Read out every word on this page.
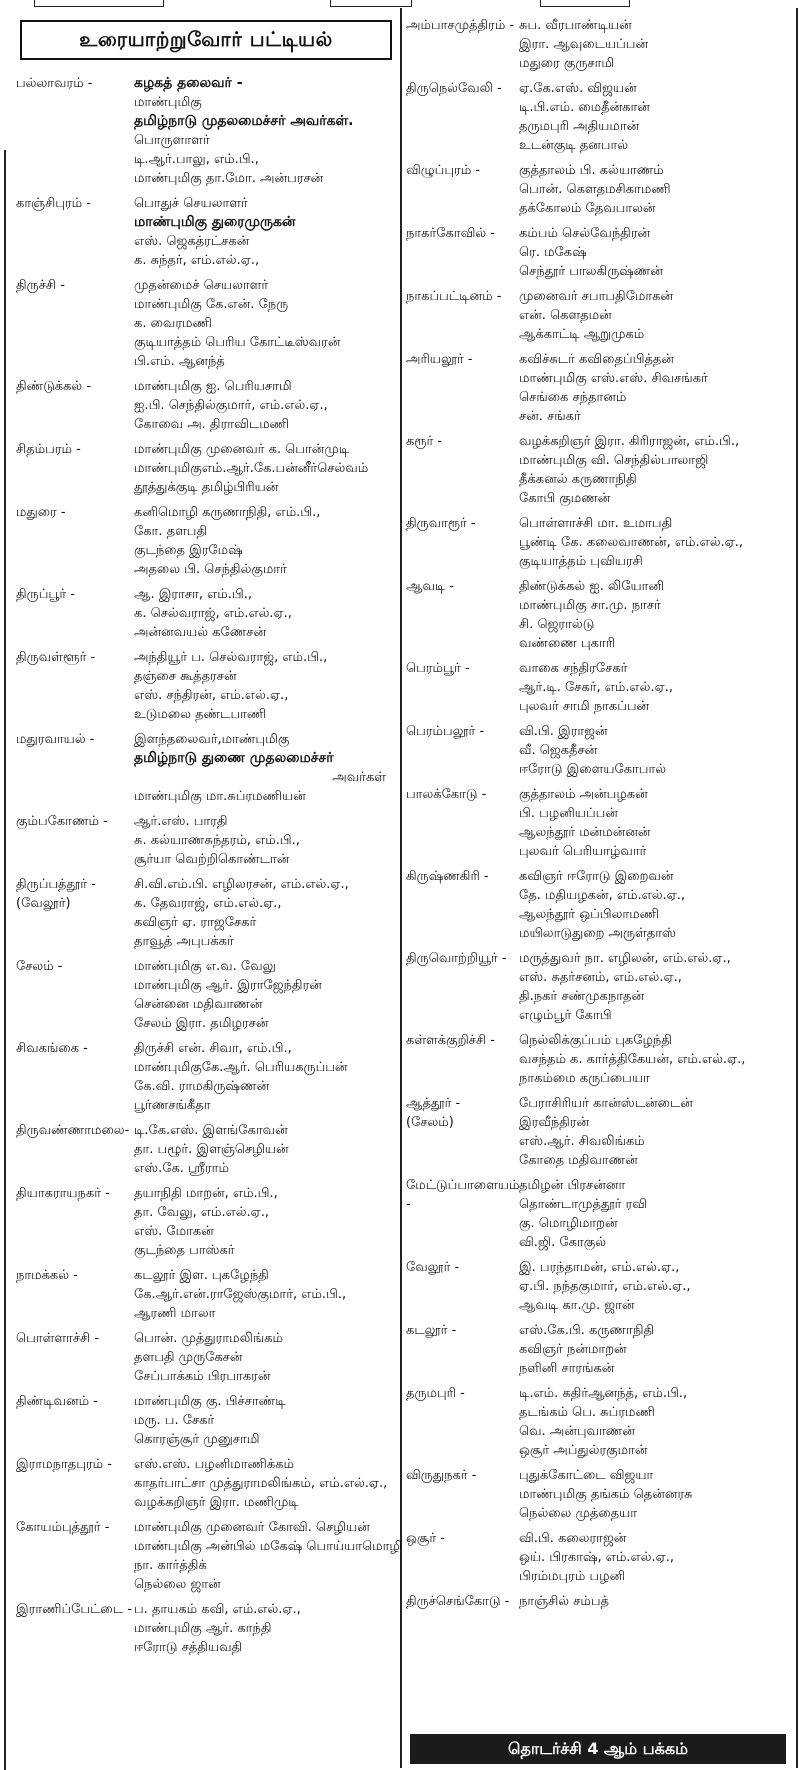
உரையாற்றுவோர் பட்டியல்
பல்லாவரம் -	கழகத் தலைவர் -
மாண்புமிகு
தமிழ்நாடு முதலமைச்சர் அவர்கள்.
பொருளாளர்
டி.ஆர்.பாலு, எம்.பி.,
மாண்புமிகு தா.மோ. அன்பரசன்
காஞ்சிபுரம் -	பொதுச் செயலாளர்
மாண்புமிகு துரைமுருகன்
எஸ். ஜெகத்ரட்சகன்
க. சுந்தர், எம்.எல்.ஏ.,
திருச்சி -	முதன்மைச் செயலாளர்
மாண்புமிகு கே.என். நேரு
க. வைரமணி
குடியாத்தம் பெரிய கோட்டீஸ்வரன்
பி.எம். ஆனந்த்
திண்டுக்கல் -	மாண்புமிகு ஐ. பெரியசாமி
ஐ.பி. செந்தில்குமார், எம்.எல்.ஏ.,
கோவை அ. திராவிடமணி
சிதம்பரம் -	மாண்புமிகு முனைவர் க. பொன்முடி
மாண்புமிகுஎம்.ஆர்.கே.பன்னீர்செல்வம்
தூத்துக்குடி தமிழ்பிரியன்
மதுரை -	கனிமொழி கருணாநிதி, எம்.பி.,
கோ. தளபதி
குடந்தை இரமேஷ்
அதலை பி. செந்தில்குமார்
திருப்பூர் -	ஆ. இராசா, எம்.பி.,
க. செல்வராஜ், எம்.எல்.ஏ.,
அன்னவயல் கணேசன்
திருவள்ளூர் -	அந்தியூர் ப. செல்வராஜ், எம்.பி.,
தஞ்சை கூத்தரசன்
எஸ். சந்திரன், எம்.எல்.ஏ.,
உடுமலை தண்டபாணி
மதுரவாயல் -	இளந்தலைவர்,மாண்புமிகு
தமிழ்நாடு துணை முதலமைச்சர்
அவர்கள்
மாண்புமிகு மா.சுப்ரமணியன்
கும்பகோணம் -	ஆர்.எஸ். பாரதி
சு. கல்யாணசுந்தரம், எம்.பி.,
சூர்யா வெற்றிகொண்டான்
திருப்பத்தூர் -
(வேலூர்)
சி.வி.எம்.பி. எழிலரசன், எம்.எல்.ஏ.,
க. தேவராஜ், எம்.எல்.ஏ.,
கவிஞர் ஏ. ராஜசேகர்
தாவூத் அபுபக்கர்
சேலம் -	மாண்புமிகு எ.வ. வேலு
மாண்புமிகு ஆர். இராஜேந்திரன்
சென்னை மதிவாணன்
சேலம் இரா. தமிழரசன்
சிவகங்கை -	திருச்சி என். சிவா, எம்.பி.,
மாண்புமிகுகே.ஆர். பெரியகருப்பன்
கே.வி. ராமகிருஷ்ணன்
பூர்ணசங்கீதா
திருவண்ணாமலை- டி.கே.எஸ். இளங்கோவன்
தா. பழூர். இளஞ்செழியன்
எஸ்.கே. ஸ்ரீராம்
தியாகராயநகர் -	தயாநிதி மாறன், எம்.பி.,
தா. வேலு, எம்.எல்.ஏ.,
எஸ். மோகன்
குடந்தை பாஸ்கர்
நாமக்கல் -	கடலூர் இள. புகழேந்தி
கே.ஆர்.என்.ராஜேஸ்குமார், எம்.பி.,
ஆரணி மாலா
பொள்ளாச்சி -	பொன். முத்துராமலிங்கம்
தளபதி முருகேசன்
சேப்பாக்கம் பிரபாகரன்
திண்டிவனம் -	மாண்புமிகு கு. பிச்சாண்டி
மரு. ப. சேகர்
கொரஞ்சூர் முனுசாமி
இராமநாதபுரம் -	எஸ்.எஸ். பழனிமாணிக்கம்
காதர்பாட்சா முத்துராமலிங்கம், எம்.எல்.ஏ.,
வழக்கறிஞர் இரா. மணிமுடி
கோயம்புத்தூர் -	மாண்புமிகு முனைவர் கோவி. செழியன்
மாண்புமிகு அன்பில் மகேஷ் பொய்யாமொழி
நா. கார்த்திக்
நெல்லை ஜான்
இராணிப்பேட்டை - ப. தாயகம் கவி, எம்.எல்.ஏ.,
மாண்புமிகு ஆர். காந்தி
ஈரோடு சத்தியவதி
அம்பாசமுத்திரம் - சுப. வீரபாண்டியன்
இரா. ஆவுடையப்பன்
மதுரை குருசாமி
திருநெல்வேலி -	ஏ.கே.எஸ். விஜயன்
டி.பி.எம். மைதீன்கான்
தருமபுரி அதியமான்
உடன்குடி தனபால்
விழுப்புரம் -	குத்தாலம் பி. கல்யாணம்
பொன். கௌதமசிகாமணி
தக்கோலம் தேவபாலன்
நாகர்கோவில் -	கம்பம் செல்வேந்திரன்
ரெ. மகேஷ்
செந்தூர் பாலகிருஷ்ணன்
நாகப்பட்டினம் -	முனைவர் சபாபதிமோகன்
என். கௌதமன்
ஆக்காட்டி ஆறுமுகம்
அரியலூர் -	கவிச்சுடர் கவிதைப்பித்தன்
மாண்புமிகு எஸ்.எஸ். சிவசங்கர்
செங்கை சந்தானம்
சன். சங்கர்
கரூர் -	வழக்கறிஞர் இரா. கிரிராஜன், எம்.பி.,
மாண்புமிகு வி. செந்தில்பாலாஜி
தீக்கனல் கருணாநிதி
கோபி குமணன்
திருவாரூர் -	பொள்ளாச்சி மா. உமாபதி
பூண்டி கே. கலைவாணன், எம்.எல்.ஏ.,
குடியாத்தம் புவியரசி
ஆவடி -	திண்டுக்கல் ஐ. லியோனி
மாண்புமிகு சா.மு. நாசர்
சி. ஜெரால்டு
வண்ணை புகாரி
பெரம்பூர் -	வாகை சந்திரசேகர்
ஆர்.டி. சேகர், எம்.எல்.ஏ.,
புலவர் சாமி நாகப்பன்
பெரம்பலூர் -	வி.பி. இராஜன்
வீ. ஜெகதீசன்
ஈரோடு இளையகோபால்
பாலக்கோடு -	குத்தாலம் அன்பழகன்
பி. பழனியப்பன்
ஆலந்தூர் மன்மன்னன்
புலவர் பெரியாழ்வார்
கிருஷ்ணகிரி -	கவிஞர் ஈரோடு இறைவன்
தே. மதியழகன், எம்.எல்.ஏ.,
ஆலந்தூர் ஒப்பிலாமணி
மயிலாடுதுறை அருள்தாஸ்
திருவொற்றியூர் - மருத்துவர் நா. எழிலன், எம்.எல்.ஏ.,
எஸ். சுதர்சனம், எம்.எல்.ஏ.,
தி.நகர் சண்முகநாதன்
எழும்பூர் கோபி
கள்ளக்குறிச்சி -	நெல்லிக்குப்பம் புகழேந்தி
வசந்தம் க. கார்த்திகேயன், எம்.எல்.ஏ.,
நாகம்மை கருப்பையா
ஆத்தூர் -
(சேலம்)
பேராசிரியர் கான்ஸ்டன்டைன்
இரவீந்திரன்
எஸ்.ஆர். சிவலிங்கம்
கோதை மதிவாணன்
மேட்டுப்பாளையம் -
தமிழன் பிரசன்னா
தொண்டாமுத்தூர் ரவி
கு. மொழிமாறன்
வி.ஜி. கோகுல்
வேலூர் -	இ. பரந்தாமன், எம்.எல்.ஏ.,
ஏ.பி. நந்தகுமார், எம்.எல்.ஏ.,
ஆவடி கா.மு. ஜான்
கடலூர் -	எஸ்.கே.பி. கருணாநிதி
கவிஞர் நன்மாறன்
நளினி சாரங்கன்
தருமபுரி -	டி.எம். கதிர்ஆனந்த், எம்.பி.,
தடங்கம் பெ. சுப்ரமணி
வெ. அன்புவாணன்
ஒசூர் அப்துல்ரகுமான்
விருதுநகர் -	புதுக்கோட்டை விஜயா
மாண்புமிகு தங்கம் தென்னரசு
நெல்லை முத்தையா
ஒசூர் -	வி.பி. கலைராஜன்
ஒய். பிரகாஷ், எம்.எல்.ஏ.,
பிரம்மபுரம் பழனி
திருச்செங்கோடு - நாஞ்சில் சம்பத்
தொடர்ச்சி 4 ஆம் பக்கம்
